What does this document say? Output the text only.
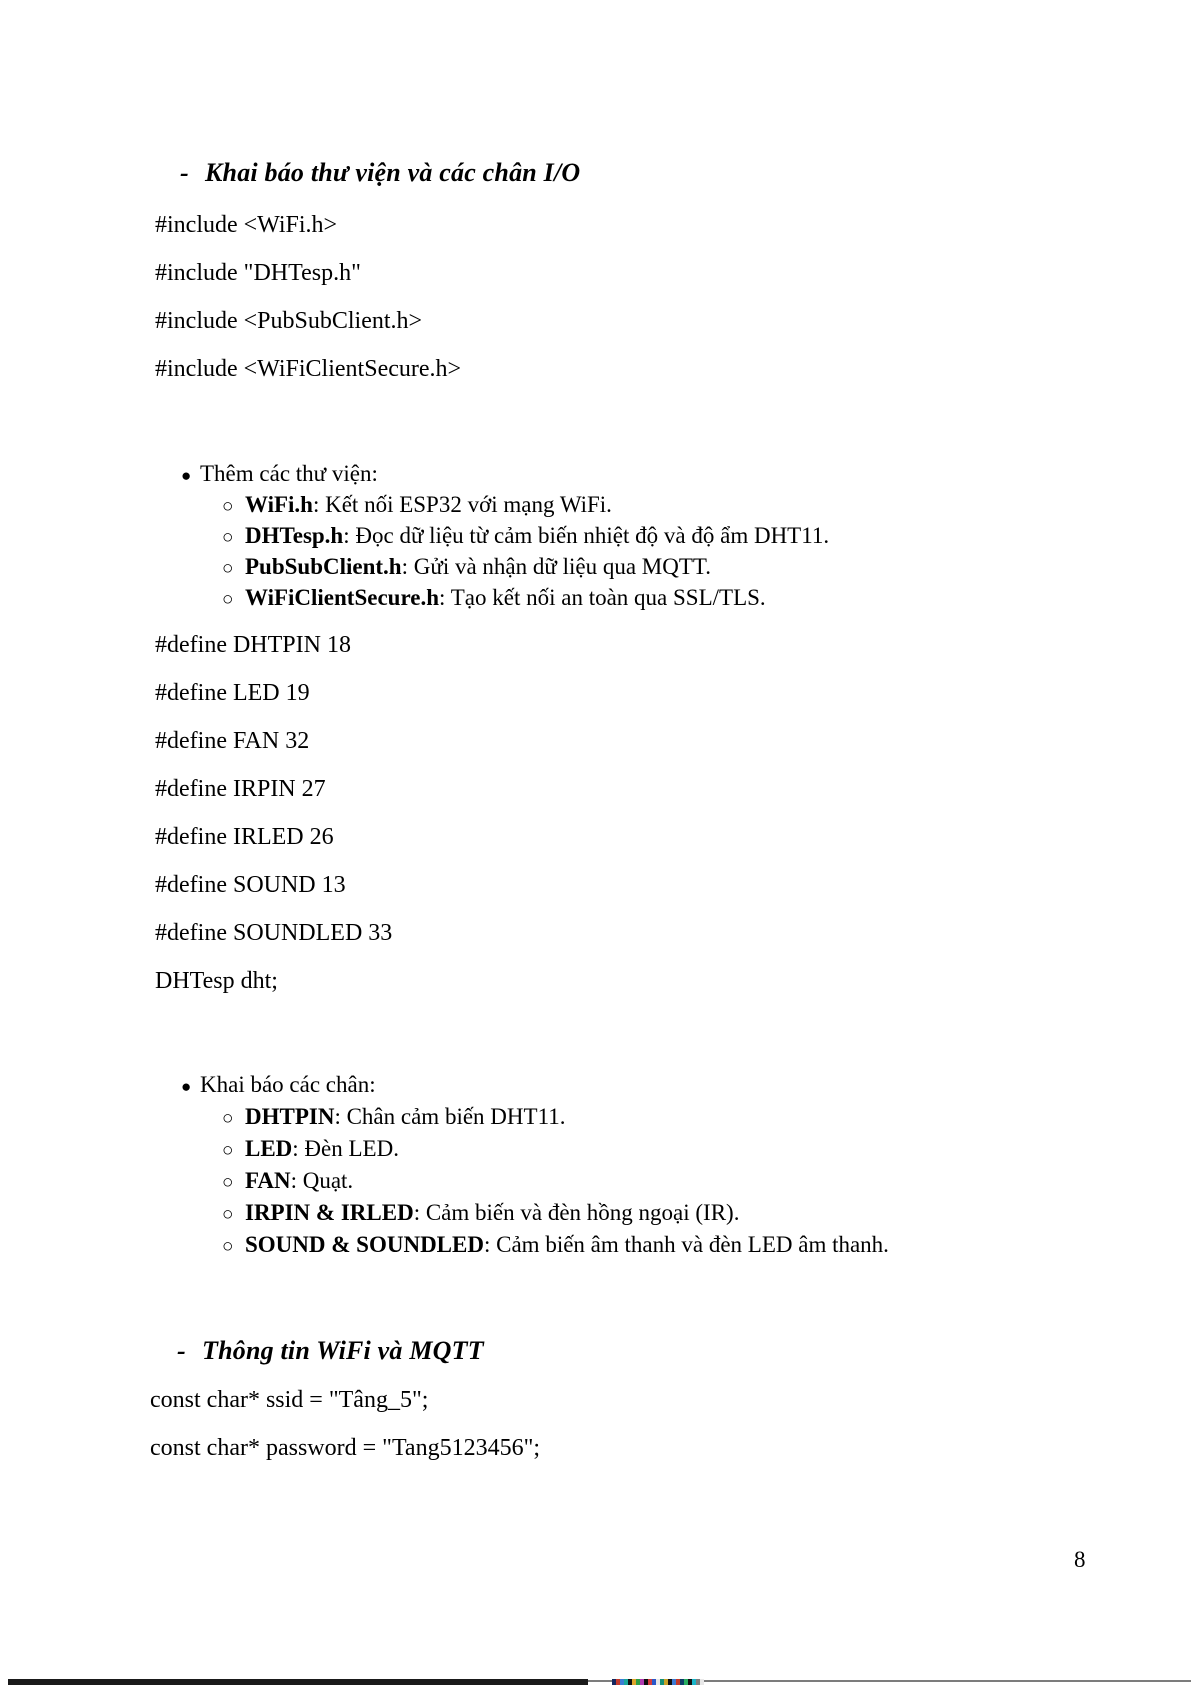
- Khai báo thư viện và các chân I/O
#include <WiFi.h>
#include "DHTesp.h"
#include <PubSubClient.h>
#include <WiFiClientSecure.h>
● Thêm các thư viện:
○ WiFi.h : Kết nối ESP32 với mạng WiFi.
○ DHTesp.h : Đọc dữ liệu từ cảm biến nhiệt độ và độ ẩm DHT11.
○ PubSubClient.h : Gửi và nhận dữ liệu qua MQTT.
○ WiFiClientSecure.h : Tạo kết nối an toàn qua SSL/TLS.
#define DHTPIN 18
#define LED 19
#define FAN 32
#define IRPIN 27
#define IRLED 26
#define SOUND 13
#define SOUNDLED 33
DHTesp dht;
● Khai báo các chân:
○ DHTPIN : Chân cảm biến DHT11.
○ LED : Đèn LED.
○ FAN : Quạt.
○ IRPIN & IRLED : Cảm biến và đèn hồng ngoại (IR).
○ SOUND & SOUNDLED : Cảm biến âm thanh và đèn LED âm thanh.
- Thông tin WiFi và MQTT
const char* ssid = "Tâng_5";
const char* password = "Tang5123456";
8
